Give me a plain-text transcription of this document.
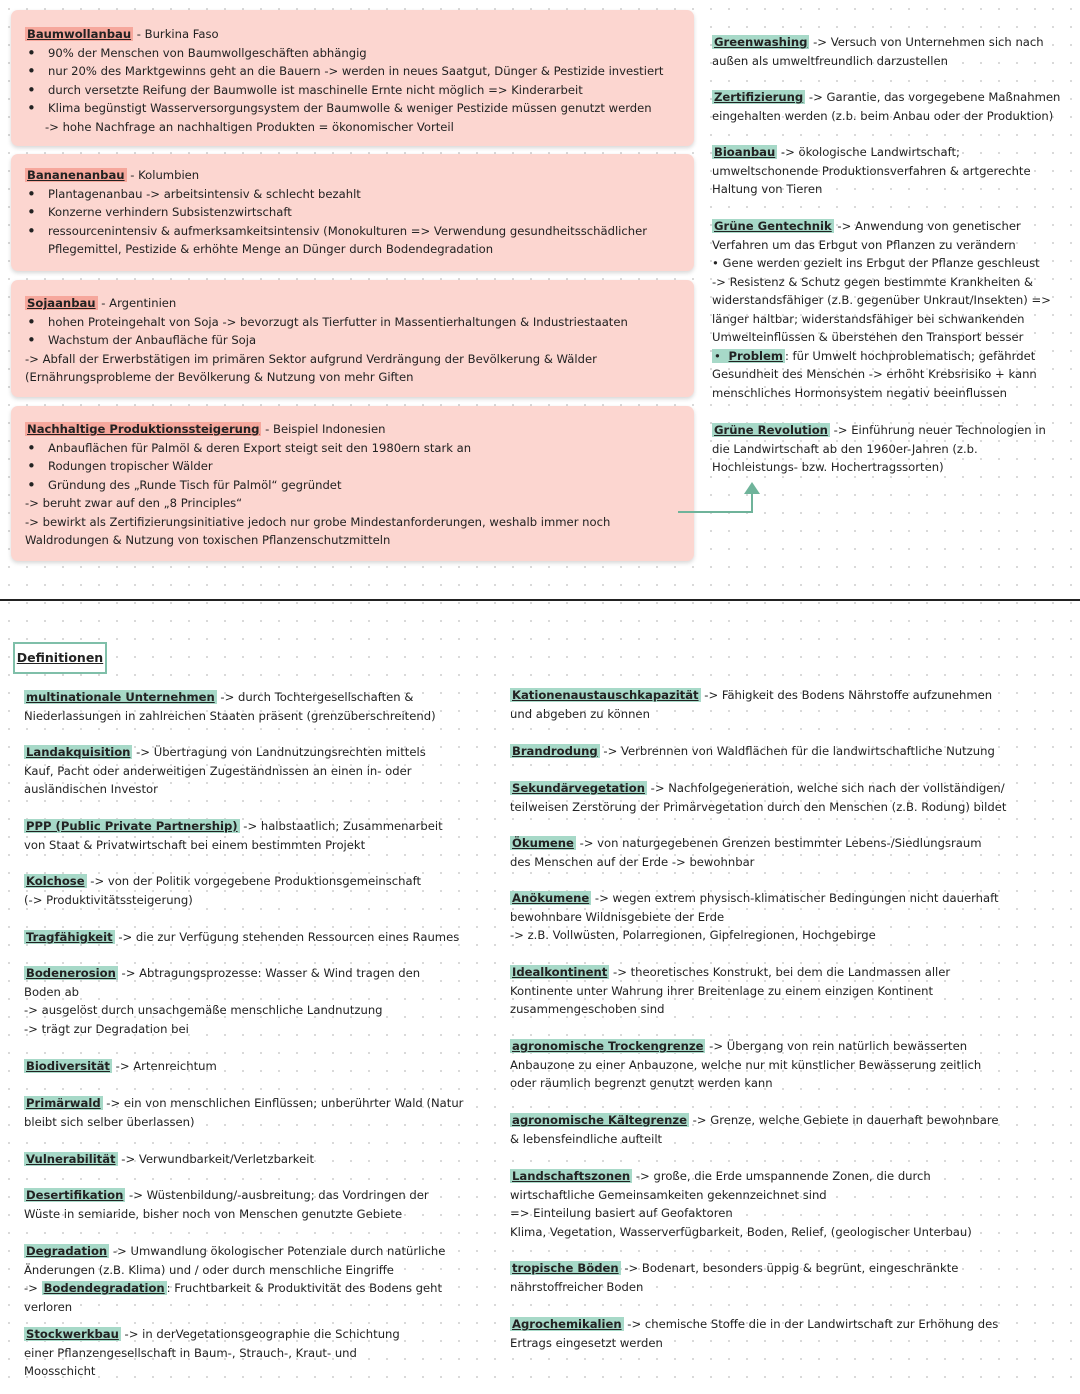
Baumwollanbau - Burkina Faso
• 90% der Menschen von Baumwollgeschäften abhängig
• nur 20% des Marktgewinns geht an die Bauern -> werden in neues Saatgut, Dünger & Pestizide investiert
• durch versetzte Reifung der Baumwolle ist maschinelle Ernte nicht möglich => Kinderarbeit
• Klima begünstigt Wasserversorgungsystem der Baumwolle & weniger Pestizide müssen genutzt werden
-> hohe Nachfrage an nachhaltigen Produkten = ökonomischer Vorteil
Bananenanbau - Kolumbien
• Plantagenanbau -> arbeitsintensiv & schlecht bezahlt
• Konzerne verhindern Subsistenzwirtschaft
• ressourcenintensiv & aufmerksamkeitsintensiv (Monokulturen => Verwendung gesundheitsschädlicher Pflegemittel, Pestizide & erhöhte Menge an Dünger durch Bodendegradation
Sojaanbau - Argentinien
• hohen Proteingehalt von Soja -> bevorzugt als Tierfutter in Massentierhaltungen & Industriestaaten
• Wachstum der Anbaufläche für Soja
-> Abfall der Erwerbstätigen im primären Sektor aufgrund Verdrängung der Bevölkerung & Wälder (Ernährungsprobleme der Bevölkerung & Nutzung von mehr Giften
Nachhaltige Produktionssteigerung - Beispiel Indonesien
• Anbauflächen für Palmöl & deren Export steigt seit den 1980ern stark an
• Rodungen tropischer Wälder
• Gründung des „Runde Tisch für Palmöl“ gegründet
-> beruht zwar auf den „8 Principles“
-> bewirkt als Zertifizierungsinitiative jedoch nur grobe Mindestanforderungen, weshalb immer noch Waldrodungen & Nutzung von toxischen Pflanzenschutzmitteln
Greenwashing -> Versuch von Unternehmen sich nach außen als umweltfreundlich darzustellen
Zertifizierung -> Garantie, das vorgegebene Maßnahmen eingehalten werden (z.b. beim Anbau oder der Produktion)
Bioanbau -> ökologische Landwirtschaft; umweltschonende Produktionsverfahren & artgerechte Haltung von Tieren
Grüne Gentechnik -> Anwendung von genetischer Verfahren um das Erbgut von Pflanzen zu verändern
• Gene werden gezielt ins Erbgut der Pflanze geschleust
-> Resistenz & Schutz gegen bestimmte Krankheiten & widerstandsfähiger (z.B. gegenüber Unkraut/Insekten) => länger haltbar; widerstandsfähiger bei schwankenden Umwelteinflüssen & überstehen den Transport besser
• Problem : für Umwelt hochproblematisch; gefährdet Gesundheit des Menschen -> erhöht Krebsrisiko + kann menschliches Hormonsystem negativ beeinflussen
Grüne Revolution -> Einführung neuer Technologien in die Landwirtschaft ab den 1960er-Jahren (z.b. Hochleistungs- bzw. Hochertragssorten)
Definitionen
multinationale Unternehmen -> durch Tochtergesellschaften & Niederlassungen in zahlreichen Staaten präsent (grenzüberschreitend)
Landakquisition -> Übertragung von Landnutzungsrechten mittels Kauf, Pacht oder anderweitigen Zugeständnissen an einen in- oder ausländischen Investor
PPP (Public Private Partnership) -> halbstaatlich; Zusammenarbeit von Staat & Privatwirtschaft bei einem bestimmten Projekt
Kolchose -> von der Politik vorgegebene Produktionsgemeinschaft (-> Produktivitätssteigerung)
Tragfähigkeit -> die zur Verfügung stehenden Ressourcen eines Raumes
Bodenerosion -> Abtragungsprozesse: Wasser & Wind tragen den Boden ab
-> ausgelöst durch unsachgemäße menschliche Landnutzung
-> trägt zur Degradation bei
Biodiversität -> Artenreichtum
Primärwald -> ein von menschlichen Einflüssen; unberührter Wald (Natur bleibt sich selber überlassen)
Vulnerabilität -> Verwundbarkeit/Verletzbarkeit
Desertifikation -> Wüstenbildung/-ausbreitung; das Vordringen der Wüste in semiaride, bisher noch von Menschen genutzte Gebiete
Degradation -> Umwandlung ökologischer Potenziale durch natürliche Änderungen (z.B. Klima) und / oder durch menschliche Eingriffe
-> Bodendegradation : Fruchtbarkeit & Produktivität des Bodens geht verloren
Stockwerkbau -> in derVegetationsgeographie die Schichtung einer Pflanzengesellschaft in Baum-, Strauch-, Kraut- und Moosschicht
Kationenaustauschkapazität -> Fähigkeit des Bodens Nährstoffe aufzunehmen und abgeben zu können
Brandrodung -> Verbrennen von Waldflächen für die landwirtschaftliche Nutzung
Sekundärvegetation -> Nachfolgegeneration, welche sich nach der vollständigen/ teilweisen Zerstörung der Primärvegetation durch den Menschen (z.B. Rodung) bildet
Ökumene -> von naturgegebenen Grenzen bestimmter Lebens-/Siedlungsraum des Menschen auf der Erde -> bewohnbar
Anökumene -> wegen extrem physisch-klimatischer Bedingungen nicht dauerhaft bewohnbare Wildnisgebiete der Erde
-> z.B. Vollwüsten, Polarregionen, Gipfelregionen, Hochgebirge
Idealkontinent -> theoretisches Konstrukt, bei dem die Landmassen aller Kontinente unter Wahrung ihrer Breitenlage zu einem einzigen Kontinent zusammengeschoben sind
agronomische Trockengrenze -> Übergang von rein natürlich bewässerten Anbauzone zu einer Anbauzone, welche nur mit künstlicher Bewässerung zeitlich oder räumlich begrenzt genutzt werden kann
agronomische Kältegrenze -> Grenze, welche Gebiete in dauerhaft bewohnbare & lebensfeindliche aufteilt
Landschaftszonen -> große, die Erde umspannende Zonen, die durch wirtschaftliche Gemeinsamkeiten gekennzeichnet sind
=> Einteilung basiert auf Geofaktoren
Klima, Vegetation, Wasserverfügbarkeit, Boden, Relief, (geologischer Unterbau)
tropische Böden -> Bodenart, besonders üppig & begrünt, eingeschränkte nährstoffreicher Boden
Agrochemikalien -> chemische Stoffe die in der Landwirtschaft zur Erhöhung des Ertrags eingesetzt werden
